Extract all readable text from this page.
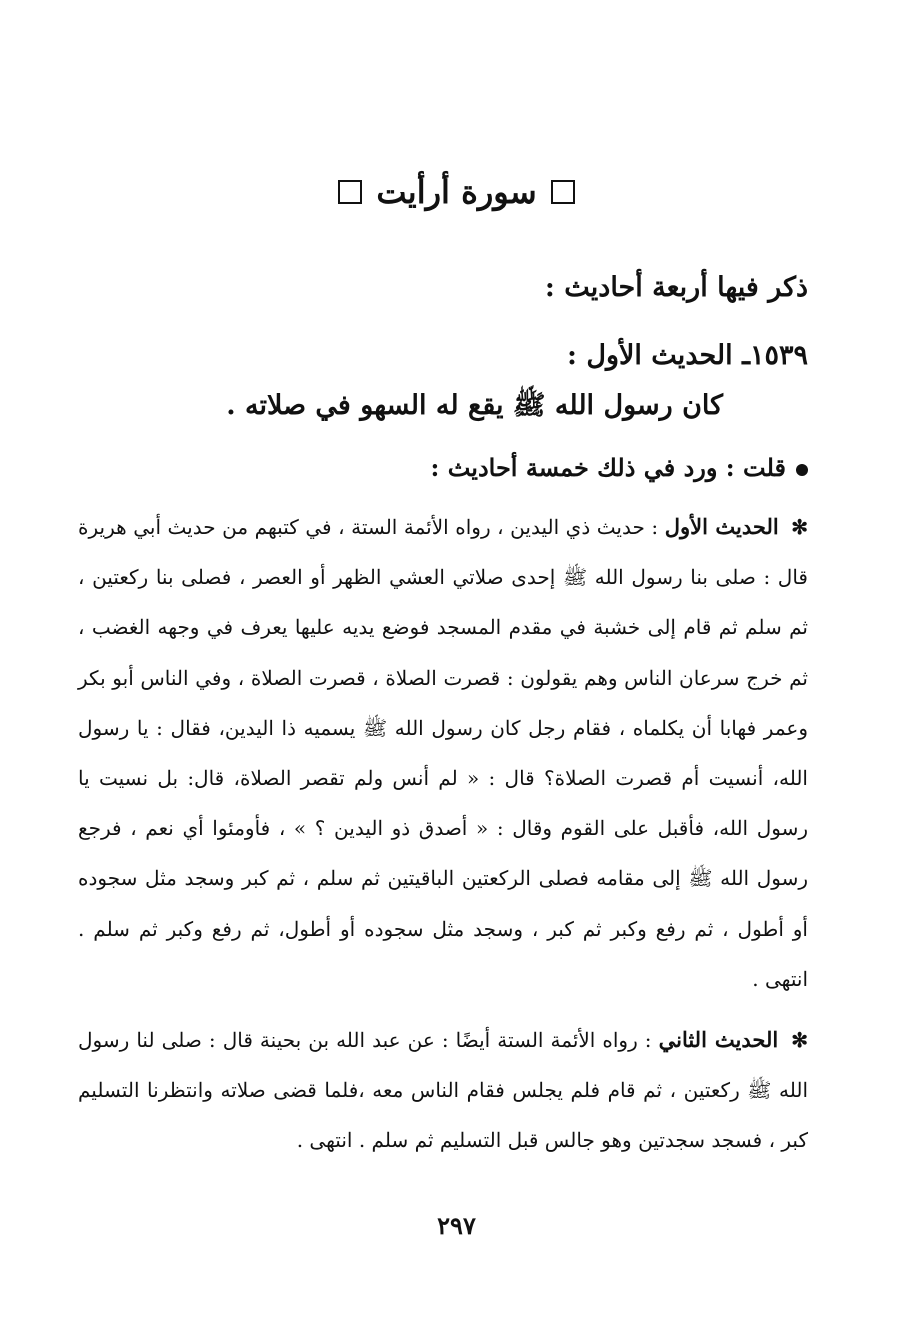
سورة أرأيت
ذكر فيها أربعة أحاديث :
١٥٣٩ـ الحديث الأول :
كان رسول الله ﷺ يقع له السهو في صلاته .
قلت : ورد في ذلك خمسة أحاديث :
✻ الحديث الأول : حديث ذي اليدين ، رواه الأئمة الستة ، في كتبهم من حديث أبي هريرة قال : صلى بنا رسول الله ﷺ إحدى صلاتي العشي الظهر أو العصر ، فصلى بنا ركعتين ، ثم سلم ثم قام إلى خشبة في مقدم المسجد فوضع يديه عليها يعرف في وجهه الغضب ، ثم خرج سرعان الناس وهم يقولون : قصرت الصلاة ، قصرت الصلاة ، وفي الناس أبو بكر وعمر فهابا أن يكلماه ، فقام رجل كان رسول الله ﷺ يسميه ذا اليدين، فقال : يا رسول الله، أنسيت أم قصرت الصلاة؟ قال : « لم أنس ولم تقصر الصلاة، قال: بل نسيت يا رسول الله، فأقبل على القوم وقال : « أصدق ذو اليدين ؟ » ، فأومئوا أي نعم ، فرجع رسول الله ﷺ إلى مقامه فصلى الركعتين الباقيتين ثم سلم ، ثم كبر وسجد مثل سجوده أو أطول ، ثم رفع وكبر ثم كبر ، وسجد مثل سجوده أو أطول، ثم رفع وكبر ثم سلم . انتهى .
✻ الحديث الثاني : رواه الأئمة الستة أيضًا : عن عبد الله بن بحينة قال : صلى لنا رسول الله ﷺ ركعتين ، ثم قام فلم يجلس فقام الناس معه ،فلما قضى صلاته وانتظرنا التسليم كبر ، فسجد سجدتين وهو جالس قبل التسليم ثم سلم . انتهى .
٢٩٧
